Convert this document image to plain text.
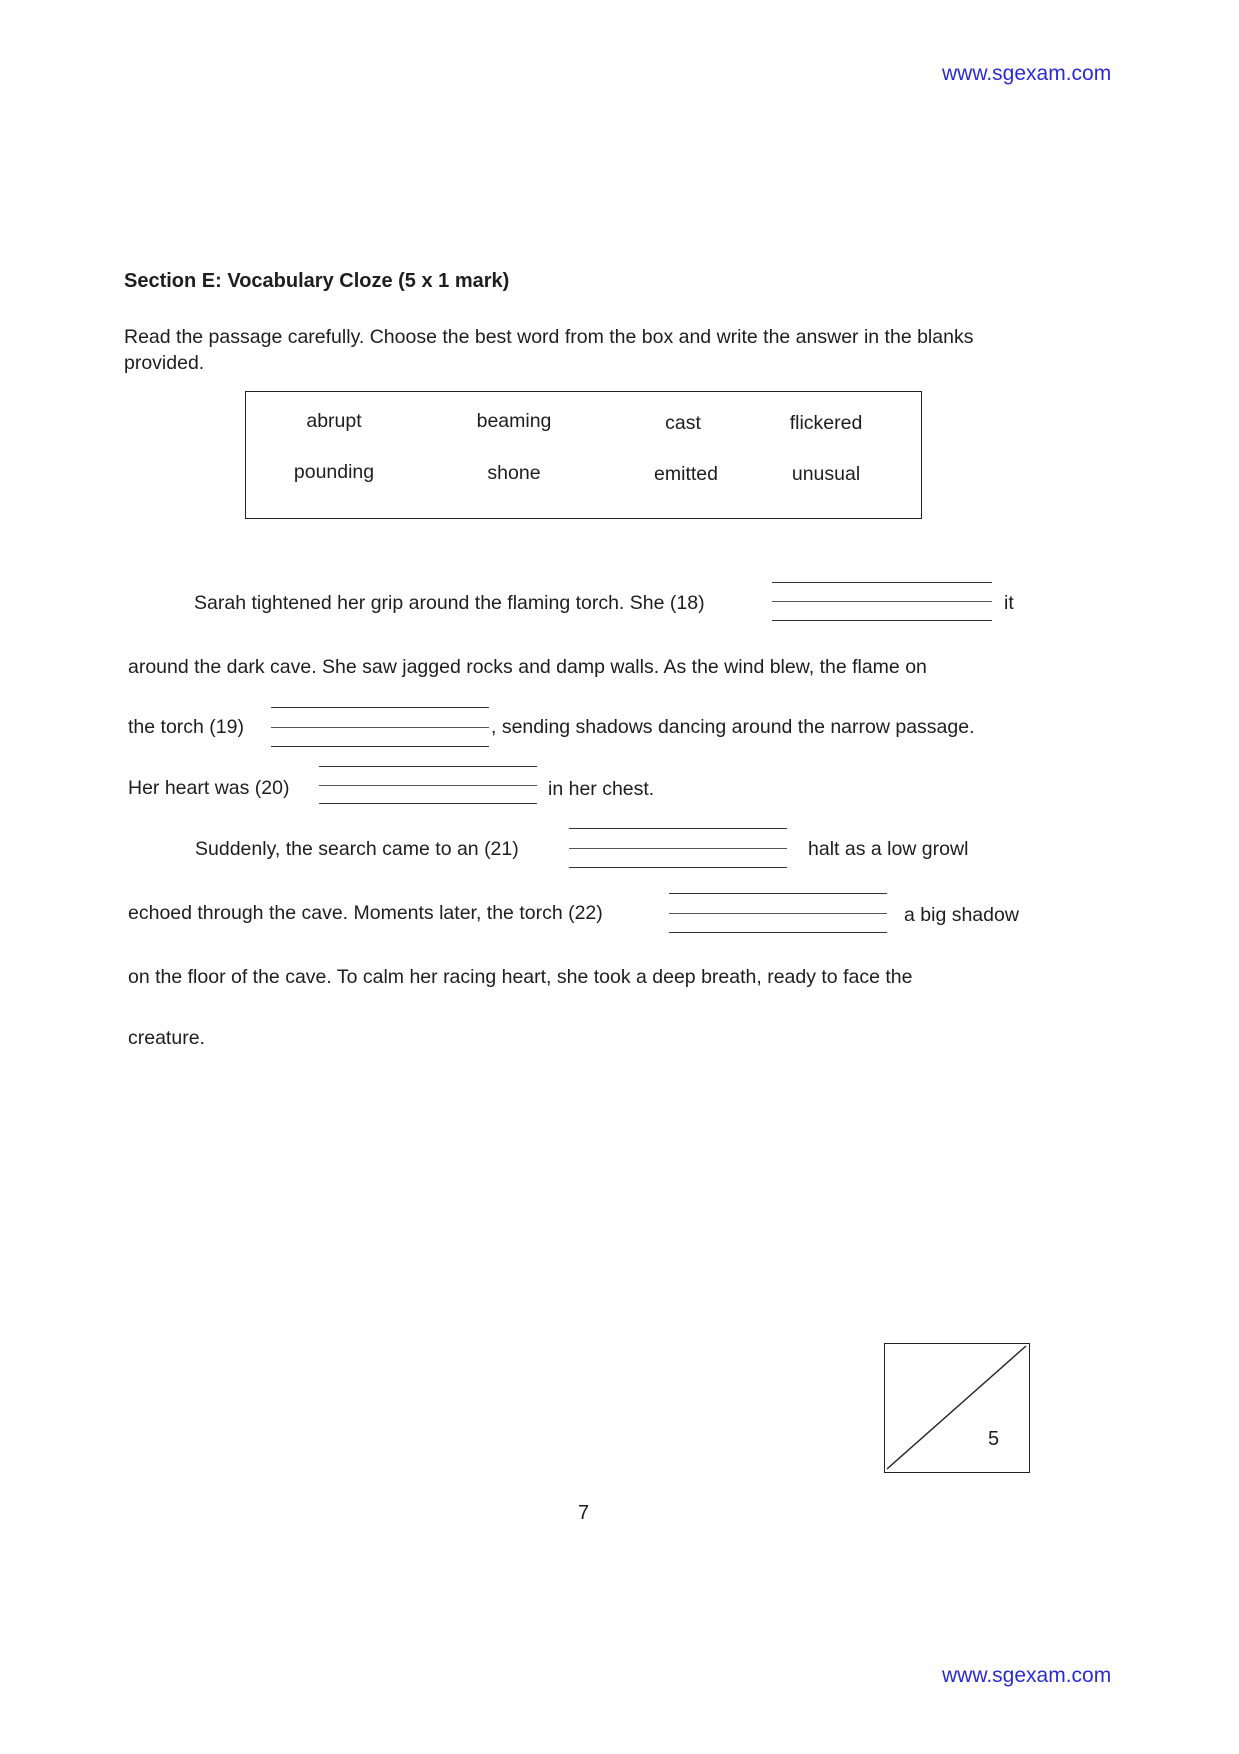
www.sgexam.com
Section E: Vocabulary Cloze (5 x 1 mark)
Read the passage carefully. Choose the best word from the box and write the answer in the blanks provided.
abrupt	beaming	cast	flickered
pounding	shone	emitted	unusual
Sarah tightened her grip around the flaming torch. She (18)	it
around the dark cave. She saw jagged rocks and damp walls. As the wind blew, the flame on
the torch (19)	, sending shadows dancing around the narrow passage.
Her heart was (20)	in her chest.
Suddenly, the search came to an (21)	halt as a low growl
echoed through the cave. Moments later, the torch (22)	a big shadow
on the floor of the cave. To calm her racing heart, she took a deep breath, ready to face the
creature.
5
7
www.sgexam.com
